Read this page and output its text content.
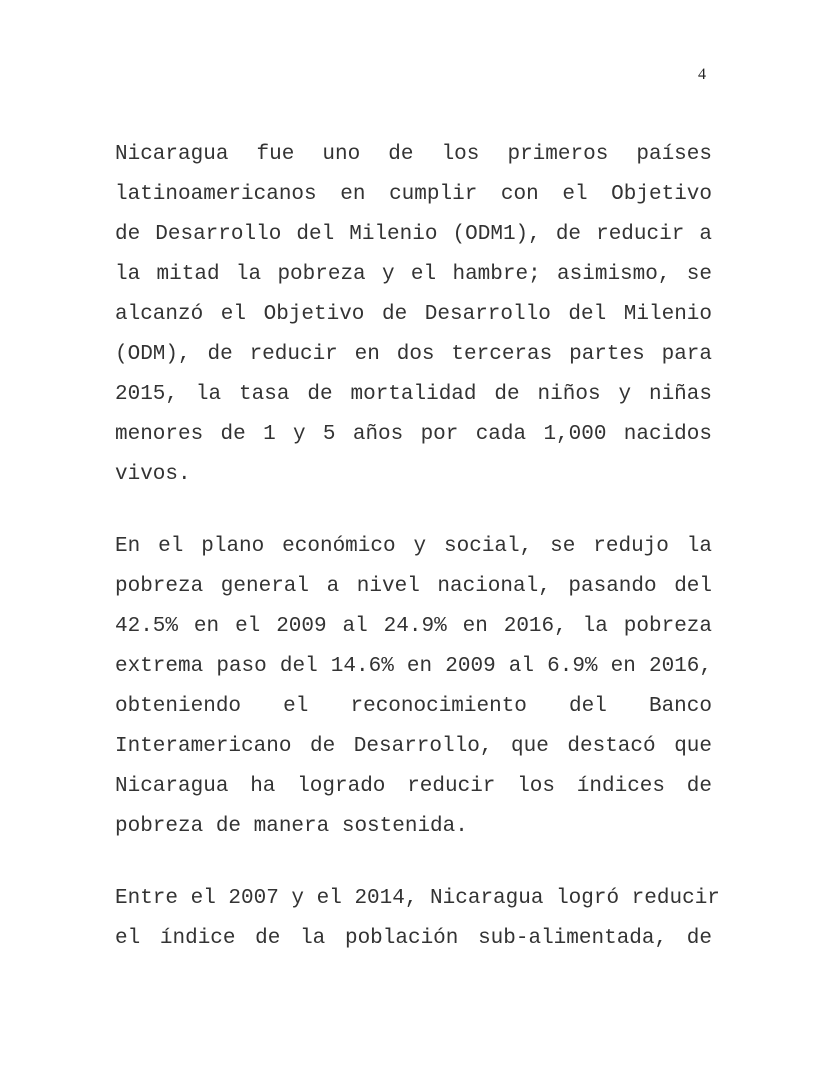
4
Nicaragua fue uno de los primeros países
latinoamericanos en cumplir con el Objetivo
de Desarrollo del Milenio (ODM1), de reducir a
la mitad la pobreza y el hambre; asimismo, se
alcanzó el Objetivo de Desarrollo del Milenio
(ODM), de reducir en dos terceras partes para
2015, la tasa de mortalidad de niños y niñas
menores de 1 y 5 años por cada 1,000 nacidos
vivos.
En el plano económico y social, se redujo la
pobreza general a nivel nacional, pasando del
42.5% en el 2009 al 24.9% en 2016, la pobreza
extrema paso del 14.6% en 2009 al 6.9% en 2016,
obteniendo el reconocimiento del Banco
Interamericano de Desarrollo, que destacó que
Nicaragua ha logrado reducir los índices de
pobreza de manera sostenida.
Entre el 2007 y el 2014, Nicaragua logró reducir
el índice de la población sub-alimentada, de
